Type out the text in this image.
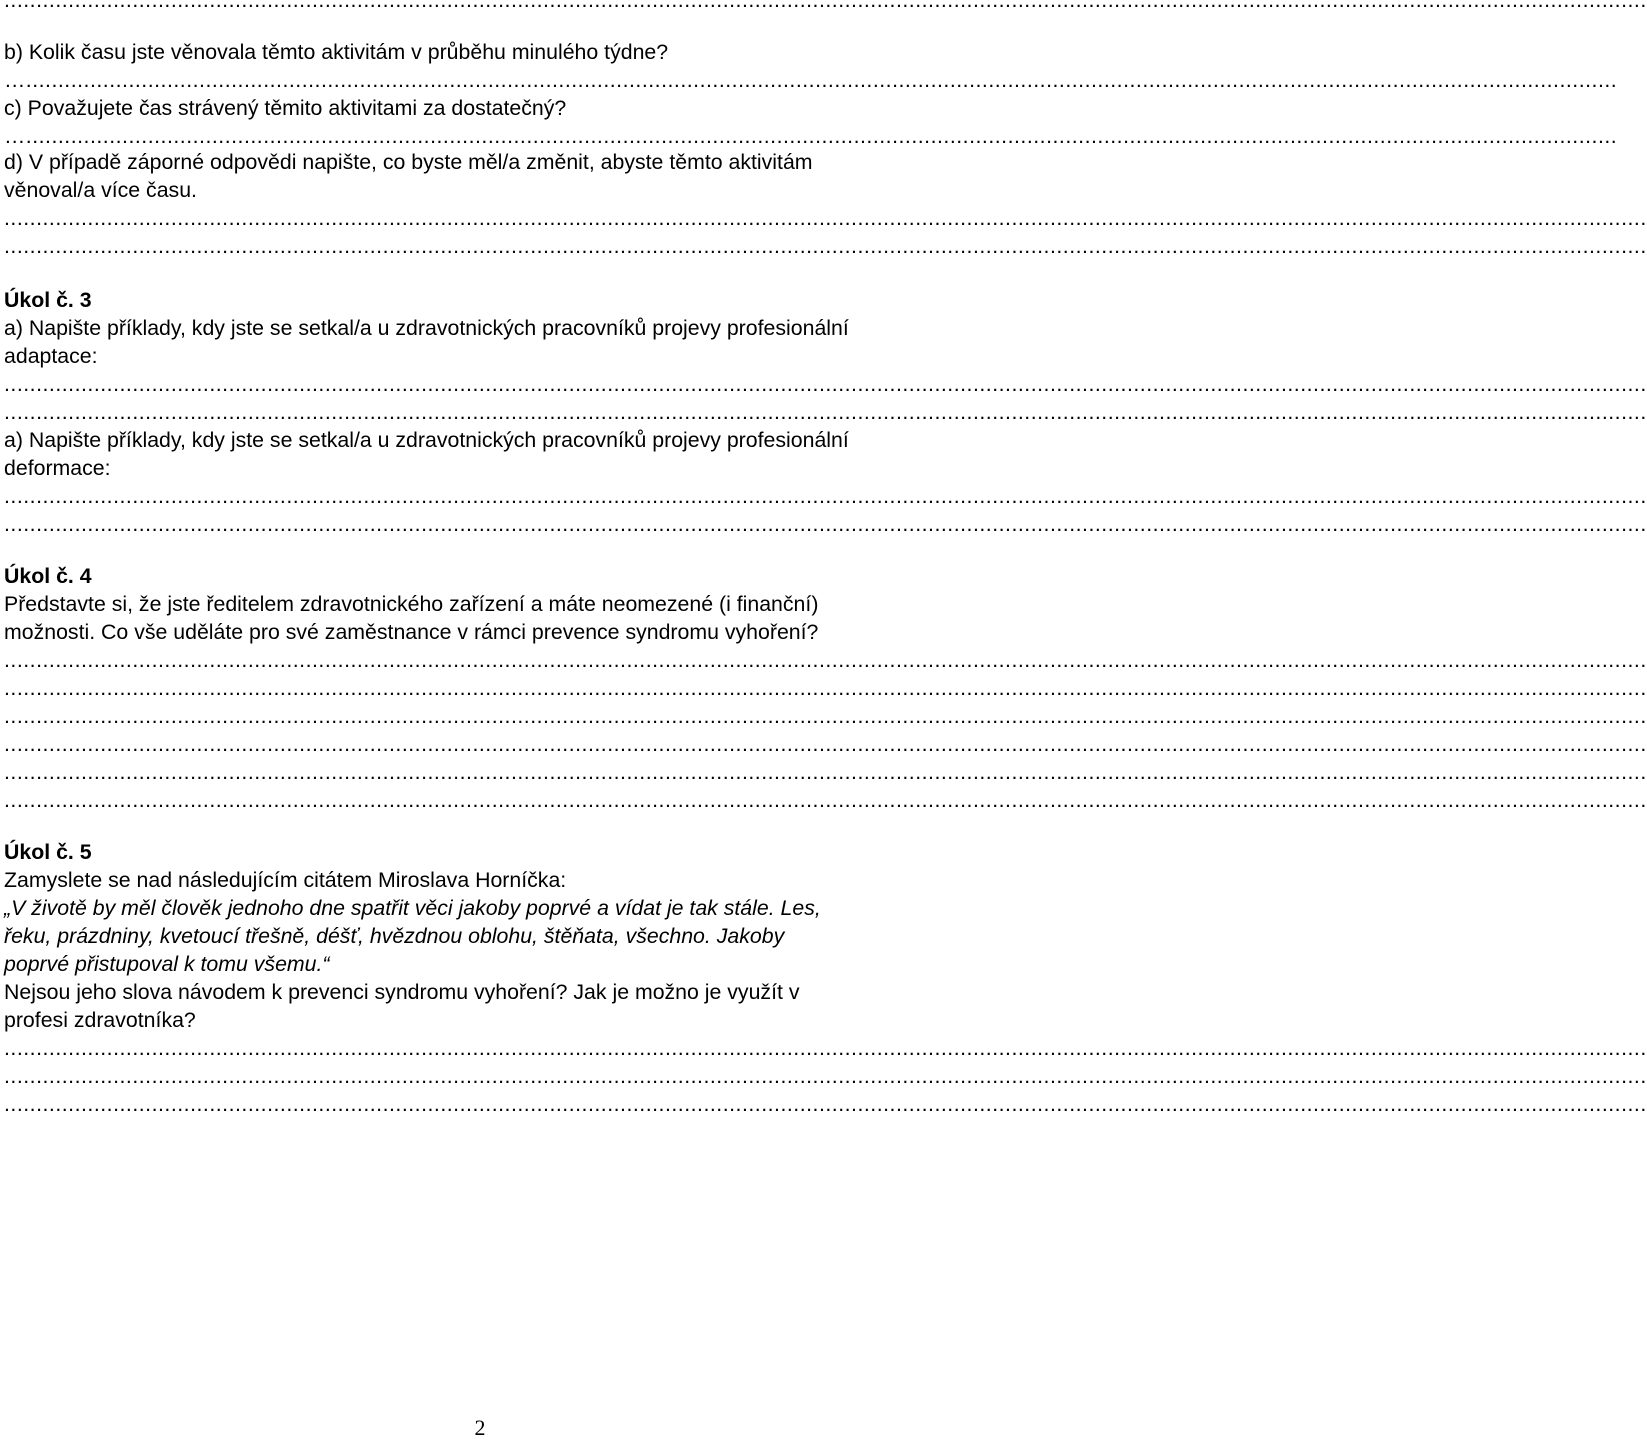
................................................................................................................................................................................................................................................................
b) Kolik času jste věnovala těmto aktivitám v průběhu minulého týdne?
…........................................................................................................................................................................................................................................................
c) Považujete čas strávený těmito aktivitami za dostatečný?
…........................................................................................................................................................................................................................................................
d) V případě záporné odpovědi napište, co byste měl/a změnit, abyste těmto aktivitám
věnoval/a více času.
................................................................................................................................................................................................................................................................
................................................................................................................................................................................................................................................................
Úkol č. 3
a) Napište příklady, kdy jste se setkal/a u zdravotnických pracovníků projevy profesionální
adaptace:
................................................................................................................................................................................................................................................................
................................................................................................................................................................................................................................................................
a) Napište příklady, kdy jste se setkal/a u zdravotnických pracovníků projevy profesionální
deformace:
................................................................................................................................................................................................................................................................
................................................................................................................................................................................................................................................................
Úkol č. 4
Představte si, že jste ředitelem zdravotnického zařízení a máte neomezené (i finanční)
možnosti. Co vše uděláte pro své zaměstnance v rámci prevence syndromu vyhoření?
................................................................................................................................................................................................................................................................
................................................................................................................................................................................................................................................................
................................................................................................................................................................................................................................................................
................................................................................................................................................................................................................................................................
................................................................................................................................................................................................................................................................
................................................................................................................................................................................................................................................................
Úkol č. 5
Zamyslete se nad následujícím citátem Miroslava Horníčka:
„V životě by měl člověk jednoho dne spatřit věci jakoby poprvé a vídat je tak stále. Les,
řeku, prázdniny, kvetoucí třešně, déšť, hvězdnou oblohu, štěňata, všechno. Jakoby
poprvé přistupoval k tomu všemu.“
Nejsou jeho slova návodem k prevenci syndromu vyhoření? Jak je možno je využít v
profesi zdravotníka?
................................................................................................................................................................................................................................................................
................................................................................................................................................................................................................................................................
................................................................................................................................................................................................................................................................
2
